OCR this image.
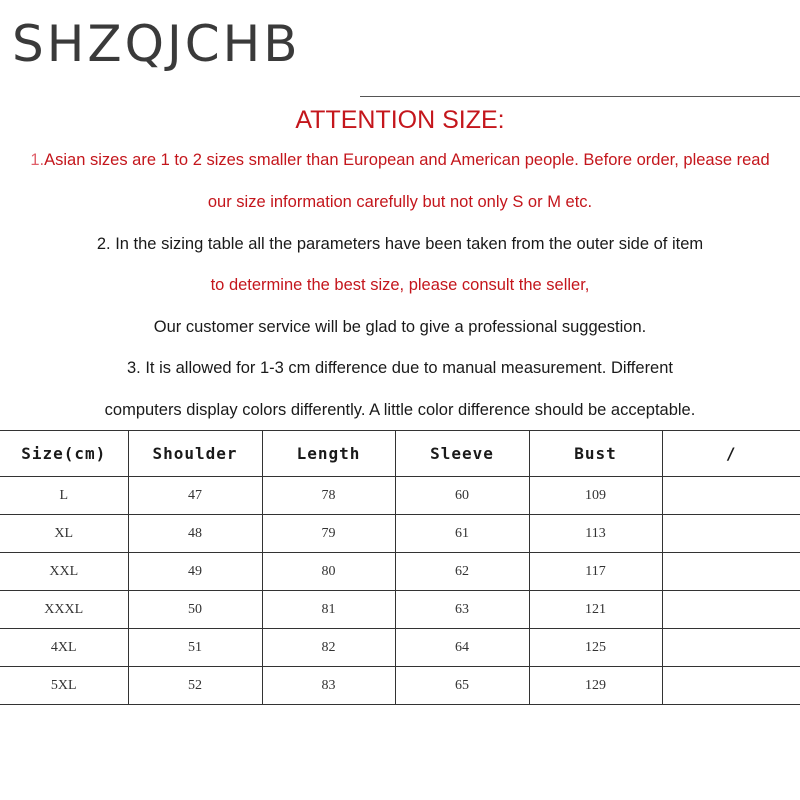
SHZQJCHB
ATTENTION SIZE:
1.Asian sizes are 1 to 2 sizes smaller than European and American people. Before order, please read
our size information carefully but not only S or M etc.
2. In the sizing table all the parameters have been taken from the outer side of item
to determine the best size, please consult the seller,
Our customer service will be glad to give a professional suggestion.
3. It is allowed for 1-3 cm difference due to manual measurement. Different
computers display colors differently. A little color difference should be acceptable.
Size(cm)	Shoulder	Length	Sleeve	Bust	/
L	47	78	60	109	
XL	48	79	61	113	
XXL	49	80	62	117	
XXXL	50	81	63	121	
4XL	51	82	64	125	
5XL	52	83	65	129	
